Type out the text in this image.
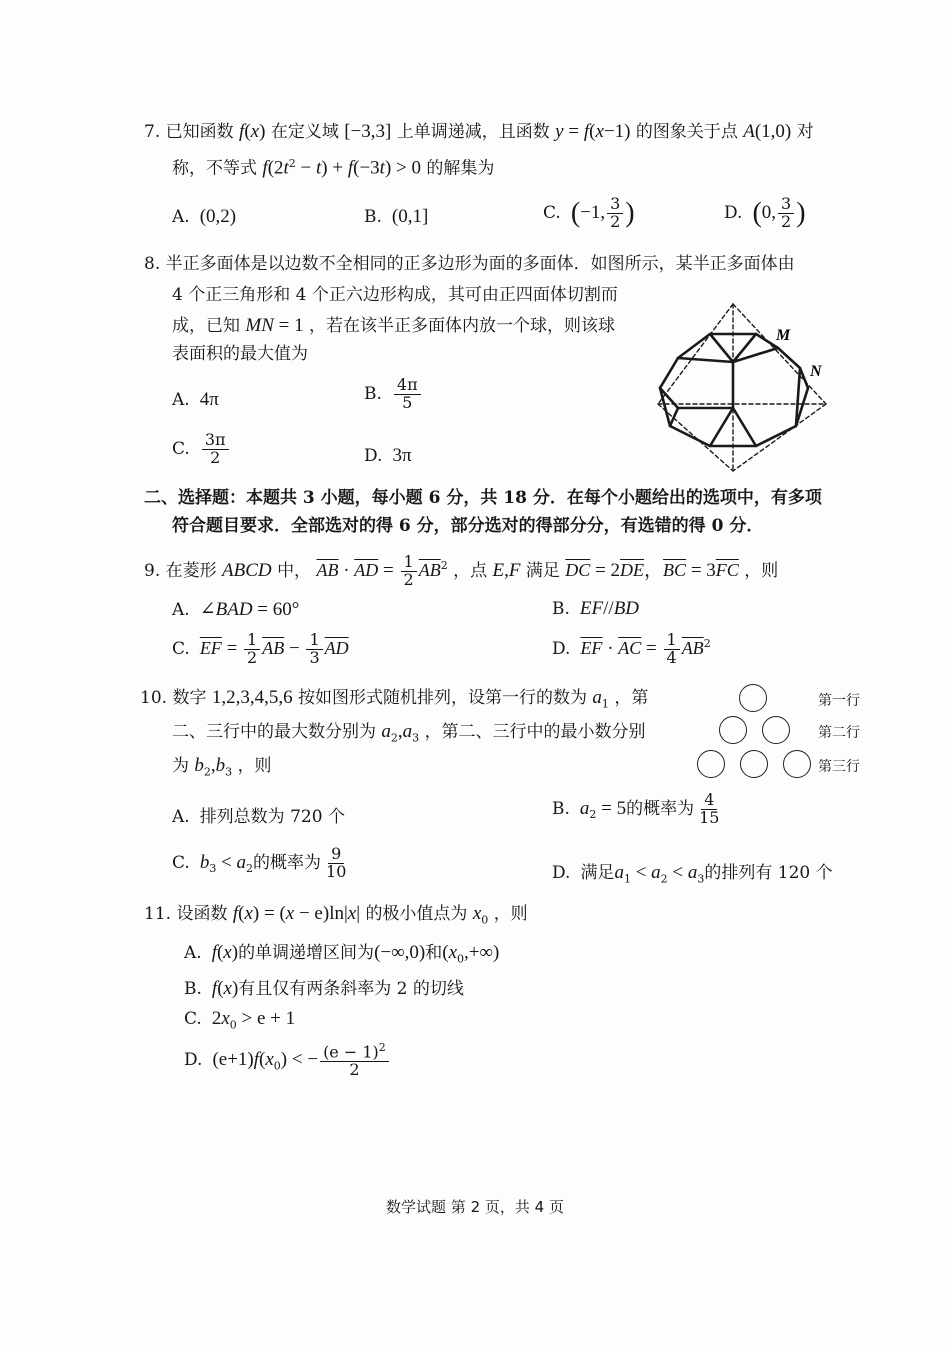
7. 已知函数 f(x) 在定义域 [−3,3] 上单调递减，且函数 y = f(x−1) 的图象关于点 A(1,0) 对
称，不等式 $f(2t^2 - t) + f(-3t) > 0$ 的解集为
A. (0,2)	B. (0,1]	C. (−1, $\frac{3}{2}$ )	D. (0, $\frac{3}{2}$ )
8. 半正多面体是以边数不全相同的正多边形为面的多面体．如图所示，某半正多面体由
4 个正三角形和 4 个正六边形构成，其可由正四面体切割而
成，已知 MN = 1 ，若在该半正多面体内放一个球，则该球
表面积的最大值为
A. 4π	B. $\frac{4\pi}{5}$
C. $\frac{3\pi}{2}$	D. 3π
M
N
二、选择题：本题共 3 小题，每小题 6 分，共 18 分．在每个小题给出的选项中，有多项
符合题目要求．全部选对的得 6 分，部分选对的得部分分，有选错的得 0 分．
9. 在菱形 ABCD 中， $\overline{AB} \cdot \overline{AD} = \frac{1}{2} \overline{AB}^2$ ，点 E,F 满足 $\overline{DC} = 2\overline{DE}$，$\overline{BC} = 3\overline{FC}$ ，则
A. ∠BAD = 60°	B. EF//BD
C. $\overline{EF} = \frac{1}{2} \overline{AB} - \frac{1}{3} \overline{AD}$	D. $\overline{EF} \cdot \overline{AC} = \frac{1}{4} \overline{AB}^2$
10. 数字 1,2,3,4,5,6 按如图形式随机排列，设第一行的数为 $a_1$ ，第
二、三行中的最大数分别为 $a_2,a_3$ ，第二、三行中的最小数分别
为 $b_2,b_3$ ，则
第一行
第二行
第三行
A. 排列总数为 720 个	B. $a_2 = 5$的概率为 $\frac{4}{15}$
C. $b_3 < a_2$的概率为 $\frac{9}{10}$	D. 满足$a_1 < a_2 < a_3$的排列有 120 个
11. 设函数 f(x) = (x − e)ln|x| 的极小值点为 $x_0$ ，则
A. f(x)的单调递增区间为(−∞,0)和$(x_0,+\infty)$
B. f(x)有且仅有两条斜率为 2 的切线
C. $2x_0 > e + 1$
D. $(e+1)f(x_0)$ < − $\frac{(e - 1)^2}{2}$
数学试题 第 2 页，共 4 页
